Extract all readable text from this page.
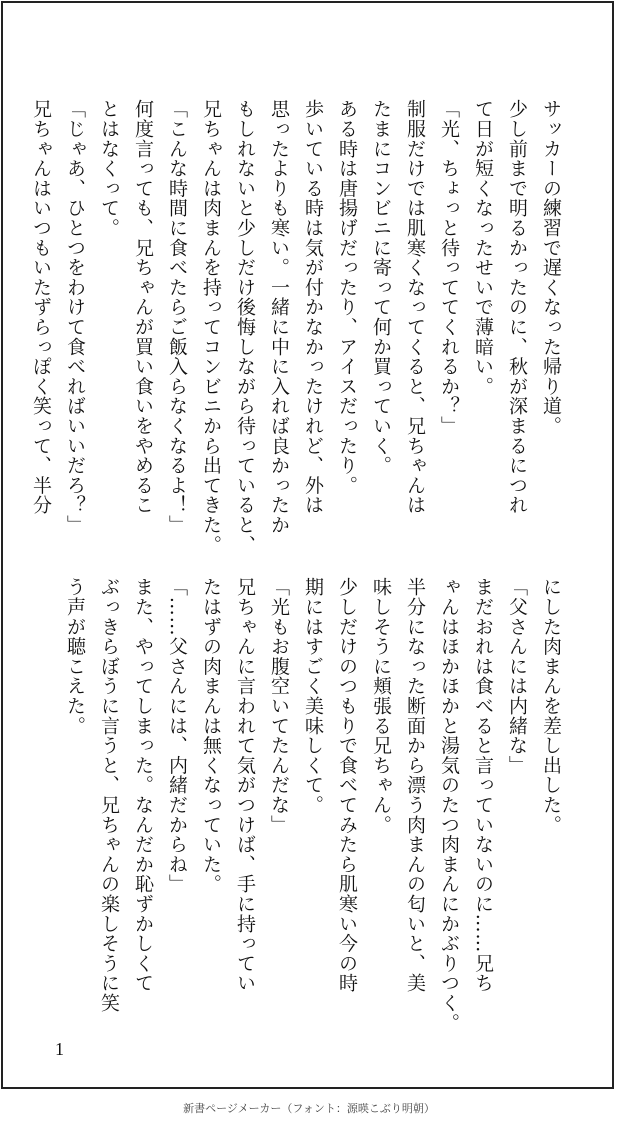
サッカーの練習で遅くなった帰り道。
少し前まで明るかったのに、秋が深まるにつれ
て日が短くなったせいで薄暗い。
「光、ちょっと待っててくれるか？」
制服だけでは肌寒くなってくると、兄ちゃんは
たまにコンビニに寄って何か買っていく。
ある時は唐揚げだったり、アイスだったり。
歩いている時は気が付かなかったけれど、外は
思ったよりも寒い。一緒に中に入れば良かったか
もしれないと少しだけ後悔しながら待っていると、
兄ちゃんは肉まんを持ってコンビニから出てきた。
「こんな時間に食べたらご飯入らなくなるよ！」
何度言っても、兄ちゃんが買い食いをやめるこ
とはなくって。
「じゃあ、ひとつをわけて食べればいいだろ？」
兄ちゃんはいつもいたずらっぽく笑って、半分
にした肉まんを差し出した。
「父さんには内緒な」
まだおれは食べると言っていないのに……兄ち
ゃんはほかほかと湯気のたつ肉まんにかぶりつく。
半分になった断面から漂う肉まんの匂いと、美
味しそうに頬張る兄ちゃん。
少しだけのつもりで食べてみたら肌寒い今の時
期にはすごく美味しくて。
「光もお腹空いてたんだな」
兄ちゃんに言われて気がつけば、手に持ってい
たはずの肉まんは無くなっていた。
「……父さんには、内緒だからね」
また、やってしまった。なんだか恥ずかしくて
ぶっきらぼうに言うと、兄ちゃんの楽しそうに笑
う声が聴こえた。
1
新書ページメーカー（フォント：源暎こぶり明朝）
